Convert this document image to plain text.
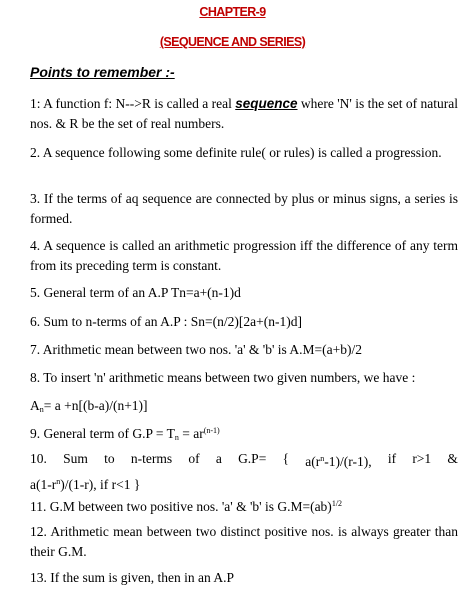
CHAPTER-9
(SEQUENCE AND SERIES)
Points to remember :-
1: A function f: N-->R is called a real sequence where 'N' is the set of natural nos. & R be the set of real numbers.
2. A sequence following some definite rule( or rules) is called a progression.
3. If the terms of aq sequence are connected by plus or minus signs, a series is formed.
4. A sequence is called an arithmetic progression iff the difference of any term from its preceding term is constant.
5. General term of an A.P Tn=a+(n-1)d
6. Sum to n-terms of an A.P : Sn=(n/2)[2a+(n-1)d]
7. Arithmetic mean between two nos. 'a' & 'b' is A.M=(a+b)/2
8. To insert 'n' arithmetic means between two given numbers, we have :
$A_n= a +n[(b-a)/(n+1)]$
9. General term of $G.P = T_n = ar^{(n-1)}$
10. Sum to n-terms of a G.P= { $a(r^n-1)/(r-1)$, if r>1 &
$a(1-r^n)/(1-r)$, if r<1 }
11. G.M between two positive nos. 'a' & 'b' is G.M=(ab)$^{1/2}$
12. Arithmetic mean between two distinct positive nos. is always greater than their G.M.
13. If the sum is given, then in an A.P
